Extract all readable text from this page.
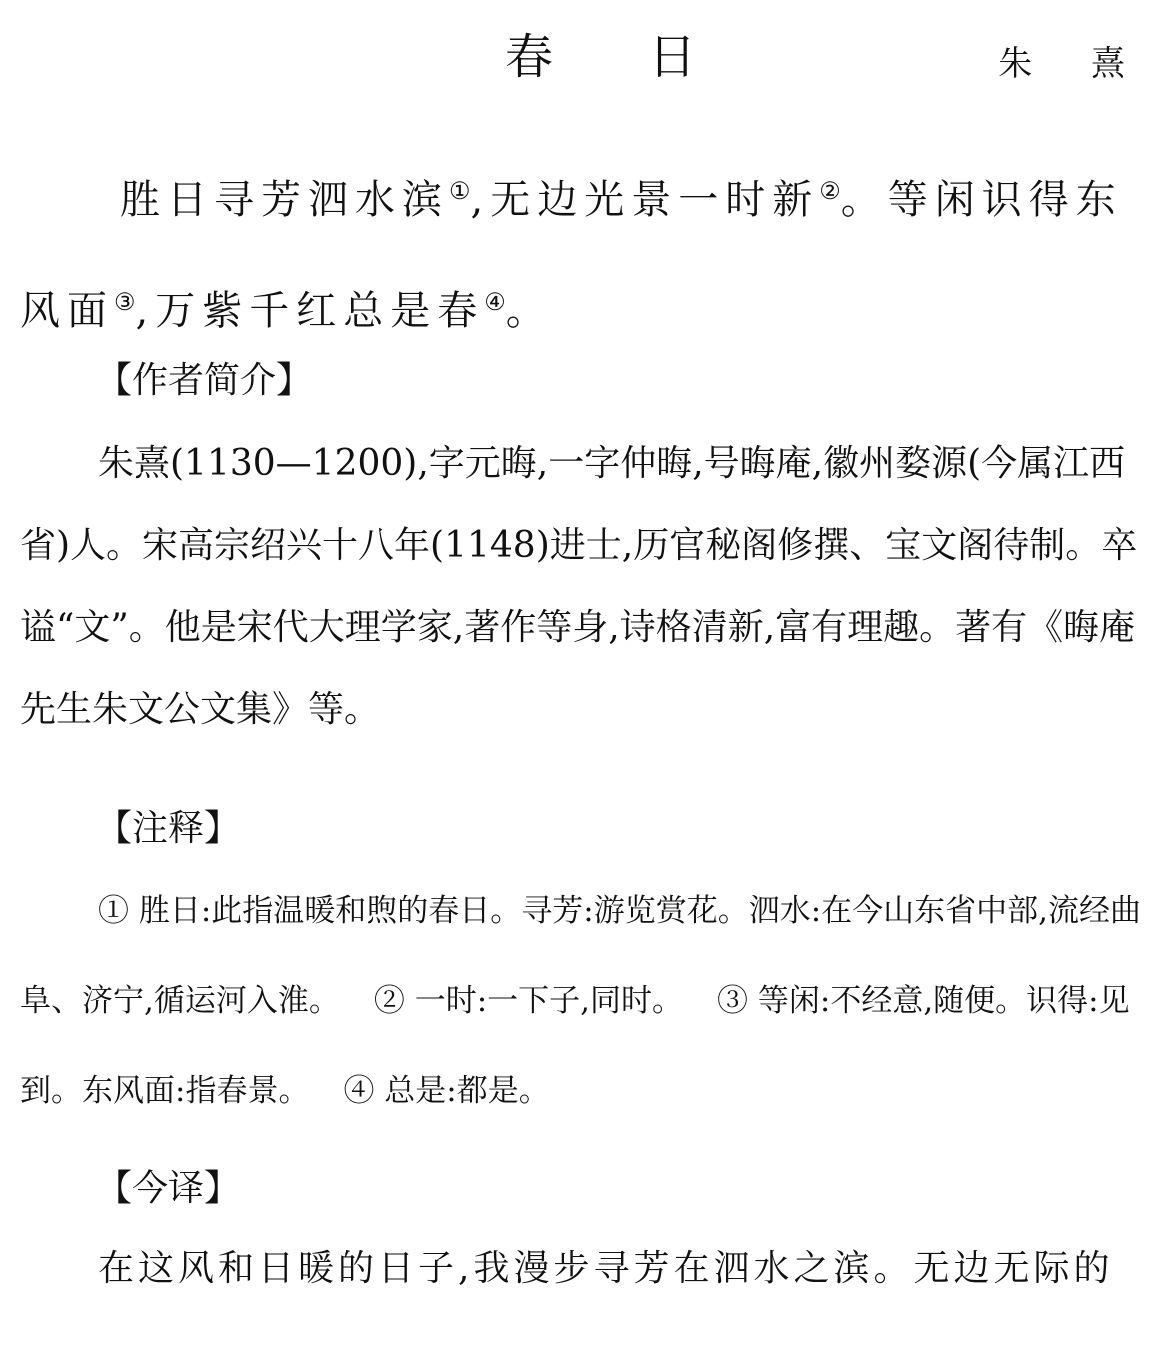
春 日	朱 熹
胜日寻芳泗水滨①,无边光景一时新②。等闲识得东风面③,万紫千红总是春④。
【作者简介】
朱熹(1130—1200),字元晦,一字仲晦,号晦庵,徽州婺源(今属江西省)人。宋高宗绍兴十八年(1148)进士,历官秘阁修撰、宝文阁待制。卒谥“文”。他是宋代大理学家,著作等身,诗格清新,富有理趣。著有《晦庵先生朱文公文集》等。
【注释】
① 胜日:此指温暖和煦的春日。寻芳:游览赏花。泗水:在今山东省中部,流经曲阜、济宁,循运河入淮。 ② 一时:一下子,同时。 ③ 等闲:不经意,随便。识得:见到。东风面:指春景。 ④ 总是:都是。
【今译】
在这风和日暖的日子,我漫步寻芳在泗水之滨。无边无际的
